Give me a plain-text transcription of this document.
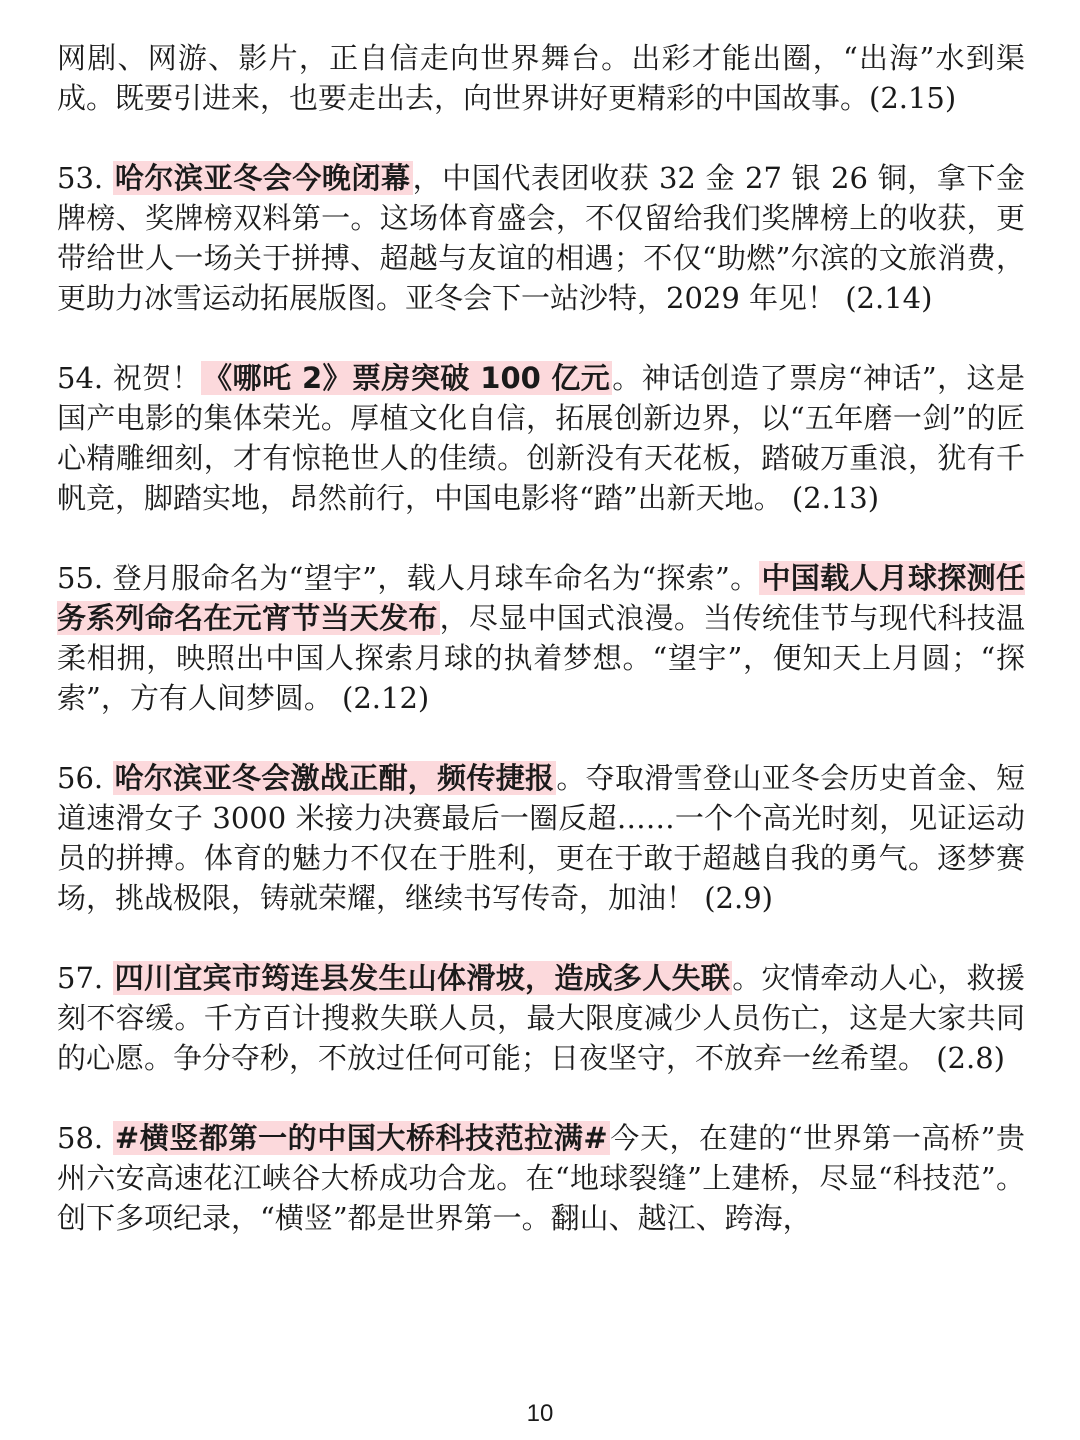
网剧、网游、影片，正自信走向世界舞台。出彩才能出圈，“出海”水到渠成。既要引进来，也要走出去，向世界讲好更精彩的中国故事。(2.15)

53. 哈尔滨亚冬会今晚闭幕，中国代表团收获 32 金 27 银 26 铜，拿下金牌榜、奖牌榜双料第一。这场体育盛会，不仅留给我们奖牌榜上的收获，更带给世人一场关于拼搏、超越与友谊的相遇；不仅“助燃”尔滨的文旅消费，更助力冰雪运动拓展版图。亚冬会下一站沙特，2029 年见！ (2.14)

54. 祝贺！《哪吒 2》票房突破 100 亿元。神话创造了票房“神话”，这是国产电影的集体荣光。厚植文化自信，拓展创新边界，以“五年磨一剑”的匠心精雕细刻，才有惊艳世人的佳绩。创新没有天花板，踏破万重浪，犹有千帆竞，脚踏实地，昂然前行，中国电影将“踏”出新天地。 (2.13)

55. 登月服命名为“望宇”，载人月球车命名为“探索”。中国载人月球探测任务系列命名在元宵节当天发布，尽显中国式浪漫。当传统佳节与现代科技温柔相拥，映照出中国人探索月球的执着梦想。“望宇”，便知天上月圆；“探索”，方有人间梦圆。 (2.12)

56. 哈尔滨亚冬会激战正酣，频传捷报。夺取滑雪登山亚冬会历史首金、短道速滑女子 3000 米接力决赛最后一圈反超……一个个高光时刻，见证运动员的拼搏。体育的魅力不仅在于胜利，更在于敢于超越自我的勇气。逐梦赛场，挑战极限，铸就荣耀，继续书写传奇，加油！ (2.9)

57. 四川宜宾市筠连县发生山体滑坡，造成多人失联。灾情牵动人心，救援刻不容缓。千方百计搜救失联人员，最大限度减少人员伤亡，这是大家共同的心愿。争分夺秒，不放过任何可能；日夜坚守，不放弃一丝希望。 (2.8)

58. #横竖都第一的中国大桥科技范拉满#今天，在建的“世界第一高桥”贵州六安高速花江峡谷大桥成功合龙。在“地球裂缝”上建桥，尽显“科技范”。创下多项纪录，“横竖”都是世界第一。翻山、越江、跨海，

10
